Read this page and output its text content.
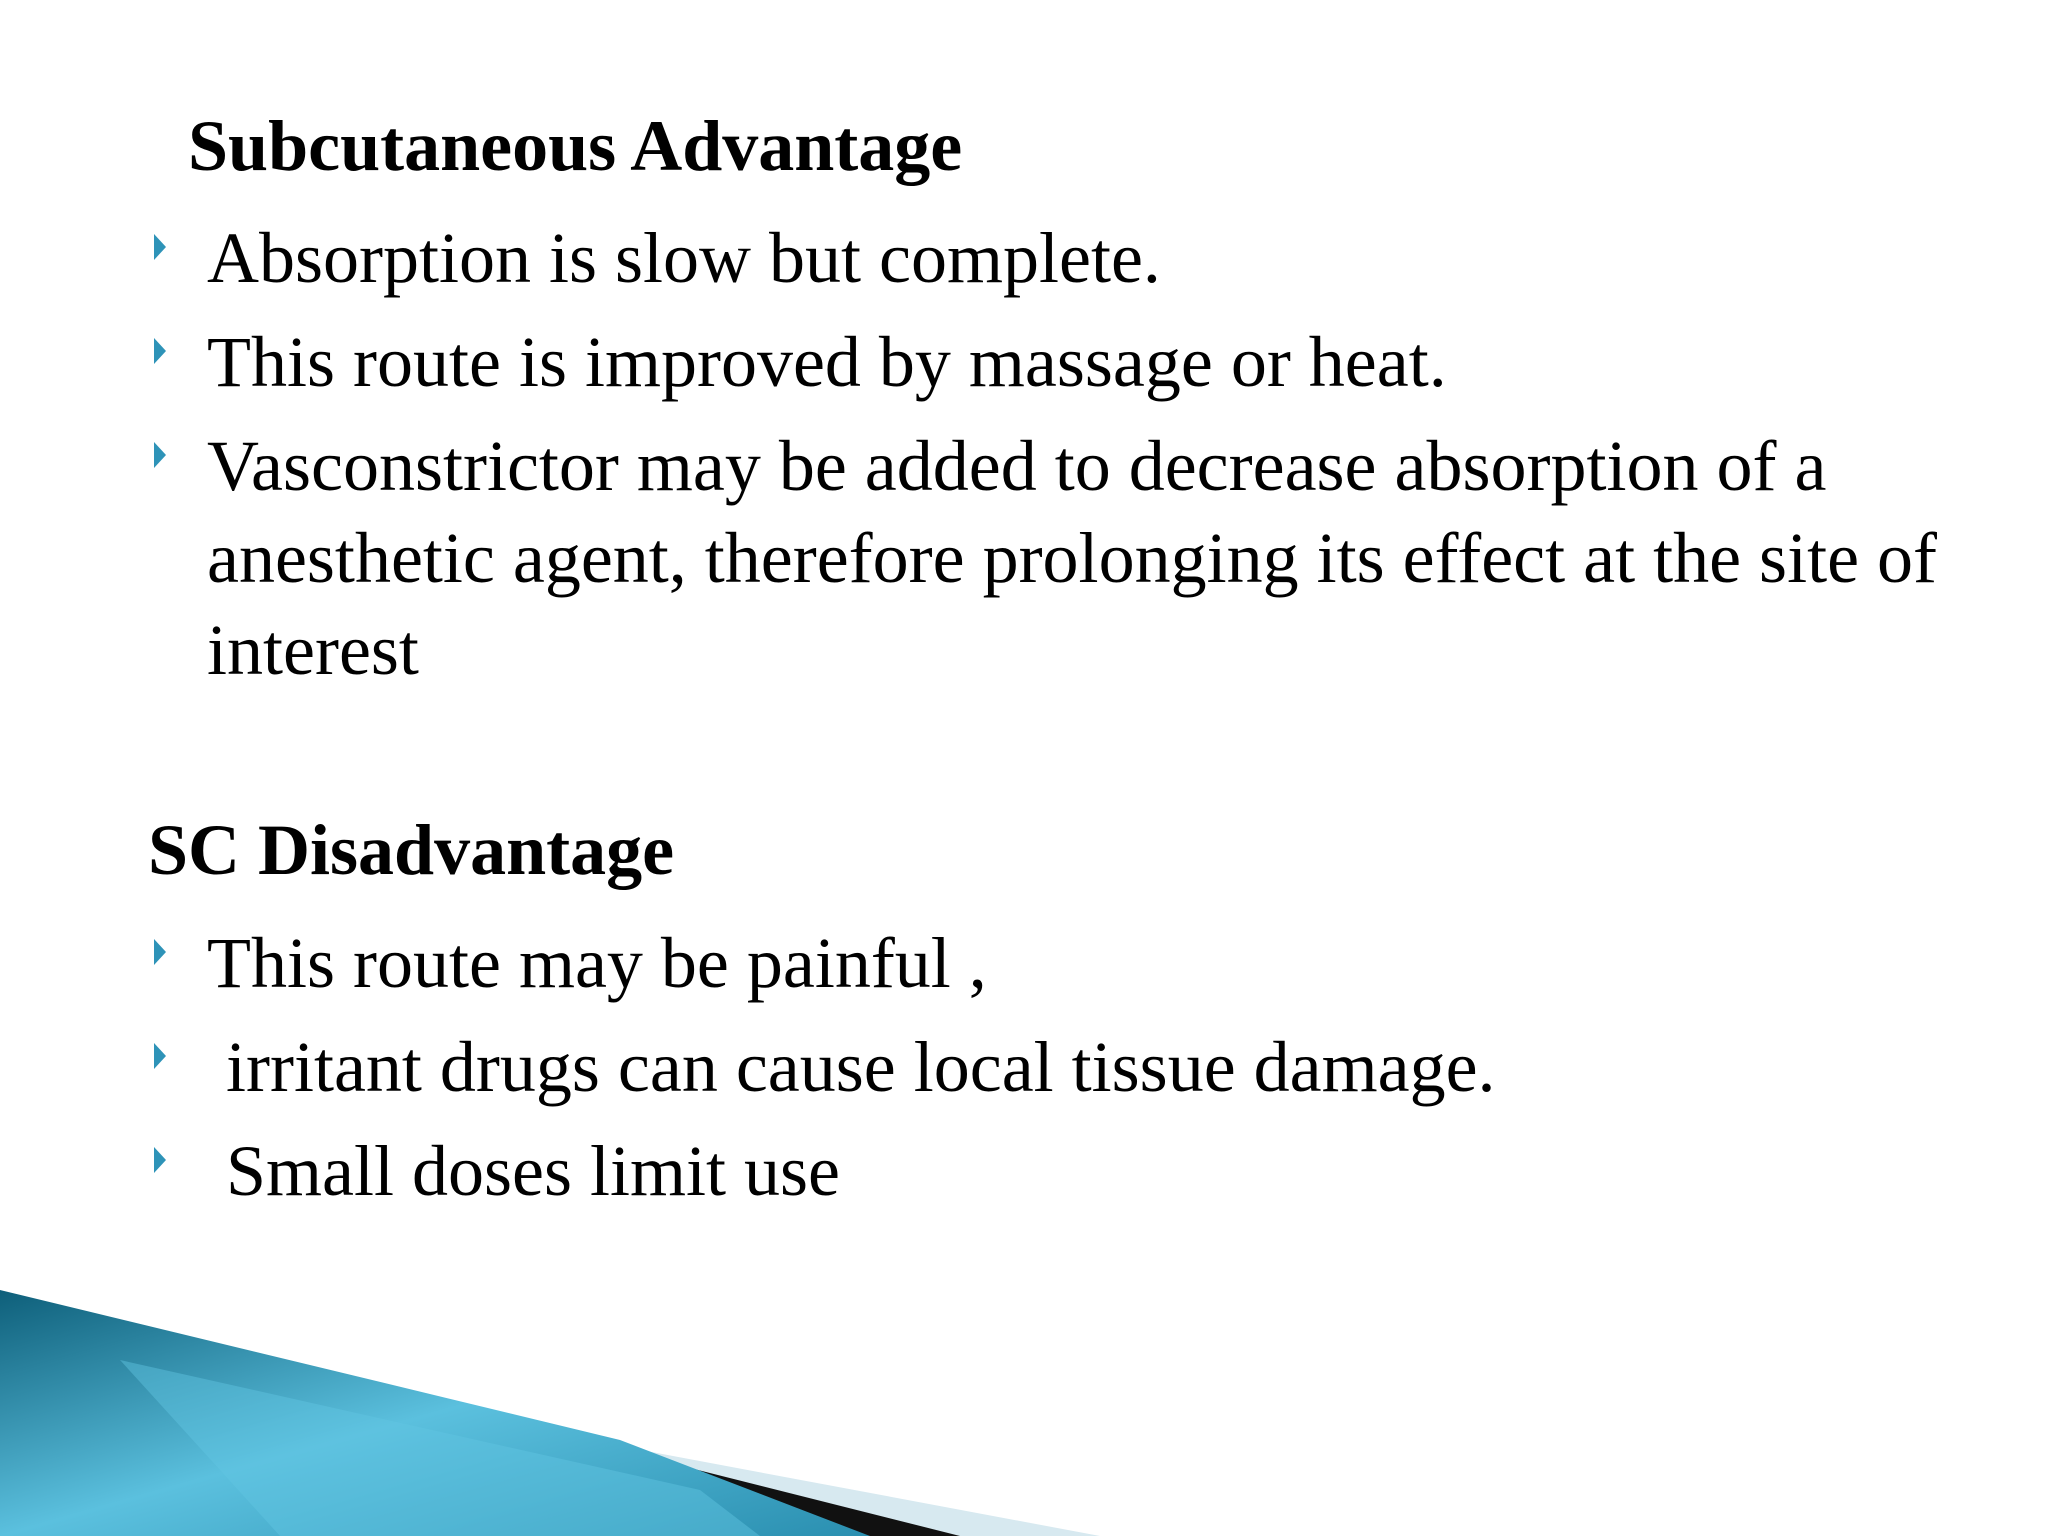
Subcutaneous Advantage
Absorption is slow but complete.
This route is improved by massage or heat.
Vasconstrictor may be added to decrease absorption of a anesthetic agent, therefore prolonging its effect at the site of interest
SC Disadvantage
This route may be painful ,
irritant drugs can cause local tissue damage.
Small doses limit use
